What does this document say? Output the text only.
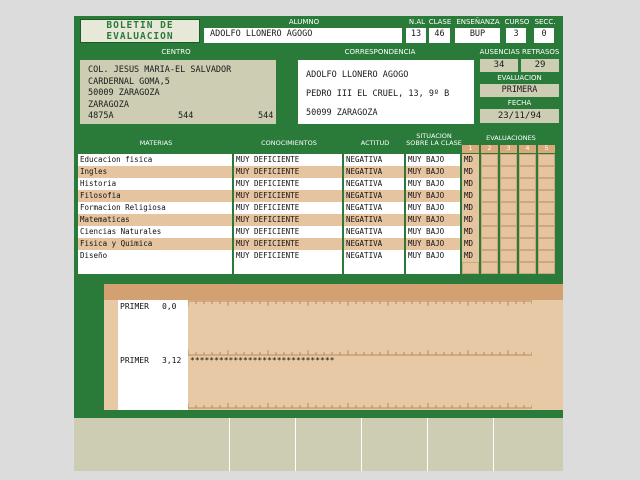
BOLETIN DE
EVALUACION
ALUMNO	N.AL CLASE ENSEÑANZA CURSO SECC.
ADOLFO LLONERO AGOGO	13	46	BUP	3	0
CENTRO	CORRESPONDENCIA	AUSENCIAS RETRASOS
COL. JESUS MARIA-EL SALVADOR
CARDERNAL GOMA,5
50009 ZARAGOZA
ZARAGOZA
4875A	544	544
ADOLFO LLONERO AGOGO
PEDRO III EL CRUEL, 13, 9º B
50099 ZARAGOZA
34	29
EVALUACION
PRIMERA
FECHA
23/11/94
MATERIAS	CONOCIMIENTOS	ACTITUD
SITUACION SOBRE LA CLASE
EVALUACIONES
1	2	3	4	5
Educacion fisica	MUY DEFICIENTE	NEGATIVA	MUY BAJO	MD
Ingles	MUY DEFICIENTE	NEGATIVA	MUY BAJO	MD
Historia	MUY DEFICIENTE	NEGATIVA	MUY BAJO	MD
Filosofia	MUY DEFICIENTE	NEGATIVA	MUY BAJO	MD
Formacion Religiosa	MUY DEFICIENTE	NEGATIVA	MUY BAJO	MD
Matematicas	MUY DEFICIENTE	NEGATIVA	MUY BAJO	MD
Ciencias Naturales	MUY DEFICIENTE	NEGATIVA	MUY BAJO	MD
Fisica y Quimica	MUY DEFICIENTE	NEGATIVA	MUY BAJO	MD
Diseño	MUY DEFICIENTE	NEGATIVA	MUY BAJO	MD
PRIMER 0,0
PRIMER 3,12 ******************************
